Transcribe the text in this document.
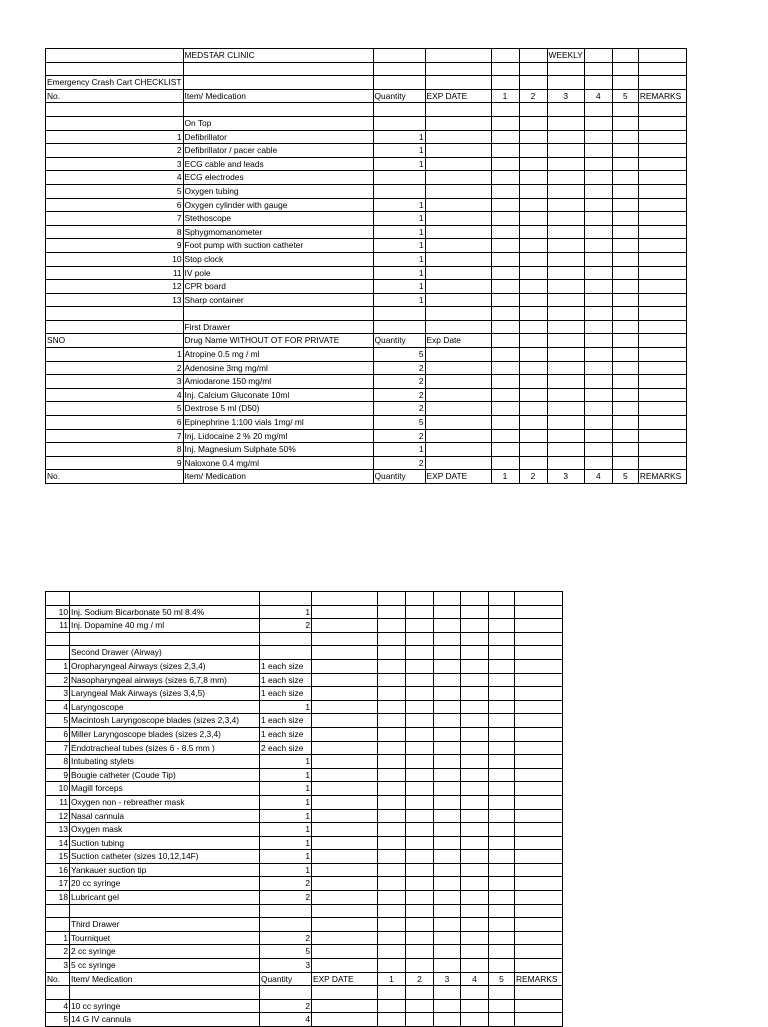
	MEDSTAR CLINIC					WEEKLY			

Emergency Crash Cart CHECKLIST									
No.	Item/ Medication	Quantity	EXP DATE	1	2	3	4	5	REMARKS

	On Top								
1	Defibrillator	1							
2	Defibrillator / pacer cable	1							
3	ECG cable and leads	1							
4	ECG electrodes								
5	Oxygen tubing								
6	Oxygen cylinder with gauge	1							
7	Stethoscope	1							
8	Sphygmomanometer	1							
9	Foot pump with suction catheter	1							
10	Stop clock	1							
11	IV pole	1							
12	CPR board	1							
13	Sharp container	1							

	First Drawer								
SNO	Drug Name WITHOUT OT FOR PRIVATE	Quantity	Exp Date						
1	Atropine 0.5 mg / ml	5							
2	Adenosine 3mg mg/ml	2							
3	Amiodarone 150 mg/ml	2							
4	Inj. Calcium Gluconate 10ml	2							
5	Dextrose 5 ml (D50)	2							
6	Epinephrine 1:100 vials 1mg/ ml	5							
7	Inj. Lidocaine 2 % 20 mg/ml	2							
8	Inj. Magnesium Sulphate 50%	1							
9	Naloxone 0.4 mg/ml	2							
No.	Item/ Medication	Quantity	EXP DATE	1	2	3	4	5	REMARKS

10	Inj. Sodium Bicarbonate 50 ml 8.4%	1							
11	Inj. Dopamine 40 mg / ml	2							

	Second Drawer (Airway)								
1	Oropharyngeal Airways (sizes 2,3,4)	1 each size							
2	Nasopharyngeal airways (sizes 6,7,8 mm)	1 each size							
3	Laryngeal Mak Airways (sizes 3,4,5)	1 each size							
4	Laryngoscope	1							
5	Macintosh Laryngoscope blades (sizes 2,3,4)	1 each size							
6	Miller Laryngoscope blades (sizes 2,3,4)	1 each size							
7	Endotracheal tubes (sizes 6 - 8.5 mm )	2 each size							
8	Intubating stylets	1							
9	Bougie catheter (Coude Tip)	1							
10	Magill forceps	1							
11	Oxygen non - rebreather mask	1							
12	Nasal cannula	1							
13	Oxygen mask	1							
14	Suction tubing	1							
15	Suction catheter (sizes 10,12,14F)	1							
16	Yankauer suction tip	1							
17	20 cc syringe	2							
18	Lubricant gel	2							

	Third Drawer								
1	Tourniquet	2							
2	2 cc syringe	5							
3	5 cc syringe	3							
No.	Item/ Medication	Quantity	EXP DATE	1	2	3	4	5	REMARKS

4	10 cc syringe	2							
5	14 G IV cannula	4							
